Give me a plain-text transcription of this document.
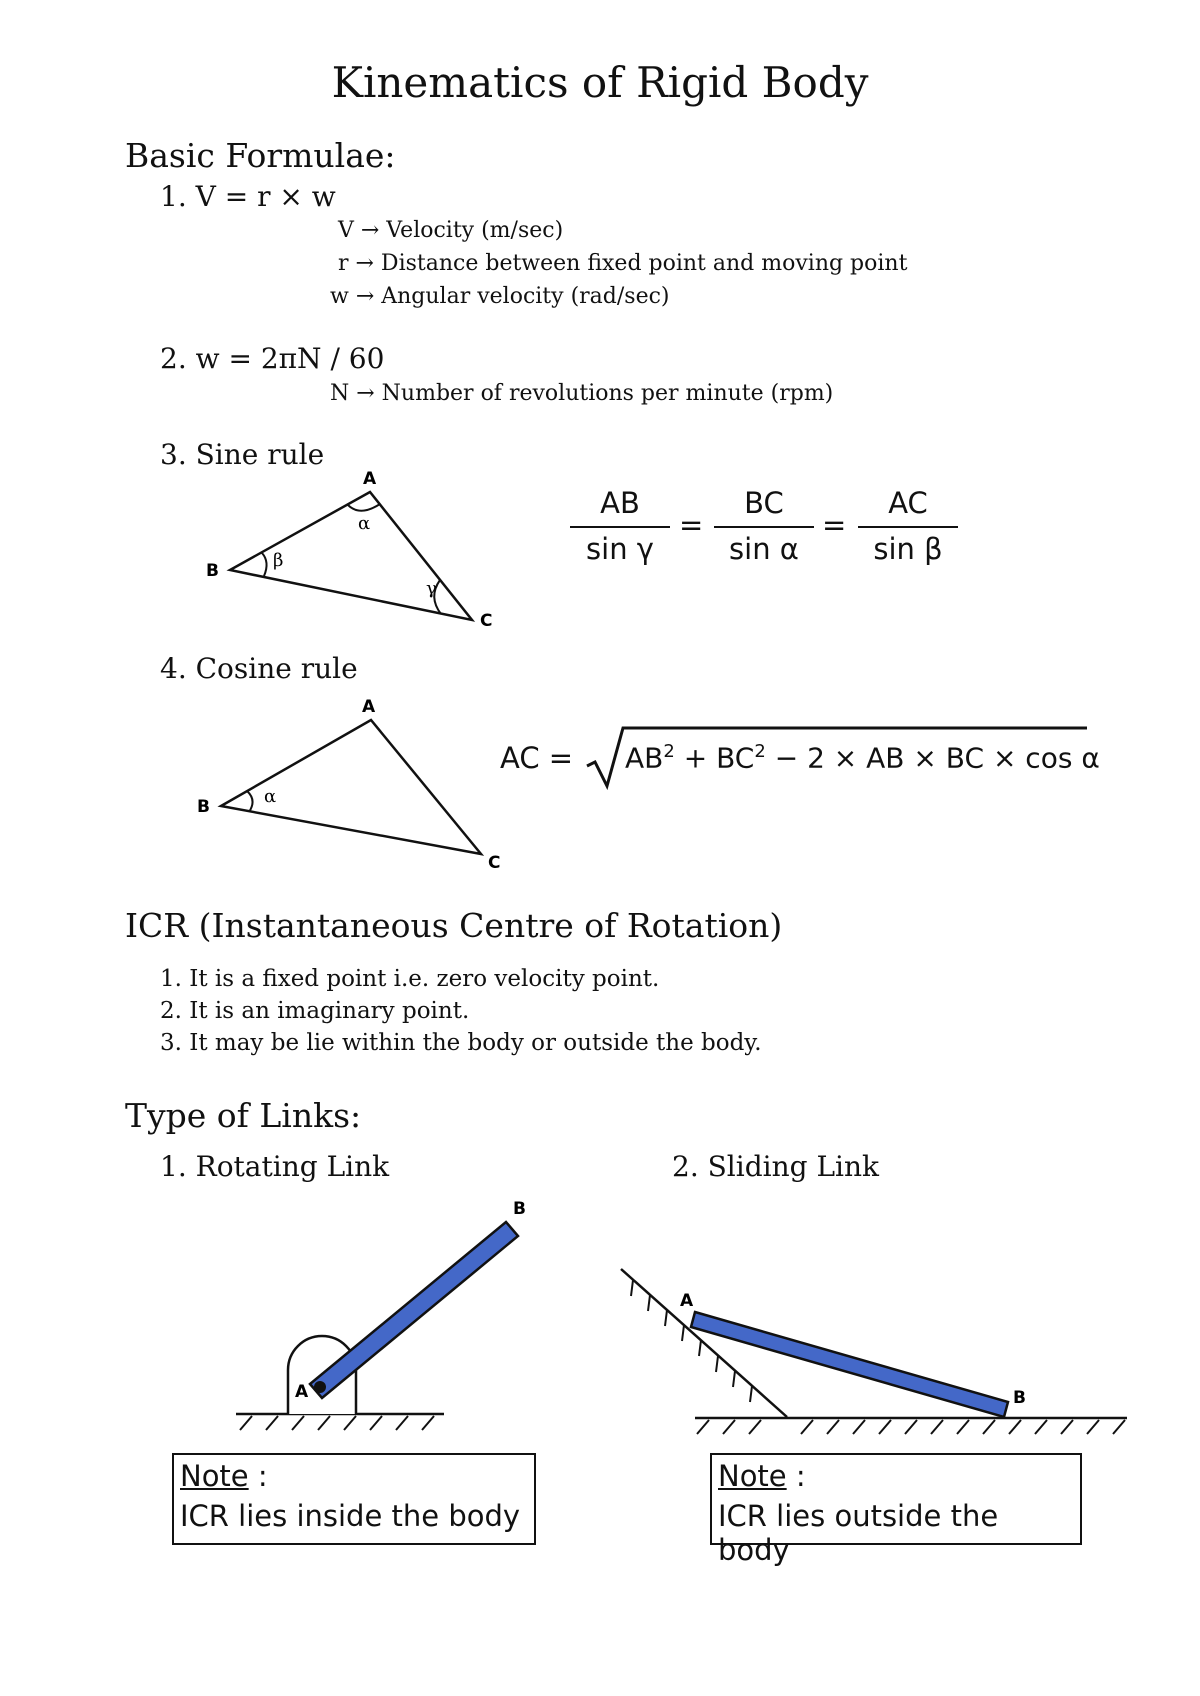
Kinematics of Rigid Body
Basic Formulae:
1. V = r × w
V → Velocity (m/sec)
r → Distance between fixed point and moving point
w → Angular velocity (rad/sec)
2. w = 2πN / 60
N → Number of revolutions per minute (rpm)
3. Sine rule
A
B
C
α
β
γ
AB
sin γ
=
BC
sin α
=
AC
sin β
4. Cosine rule
A
B
C
α
AC = $AB^2 + BC^2 - 2$ × AB × BC × cos α
ICR (Instantaneous Centre of Rotation)
1. It is a fixed point i.e. zero velocity point.
2. It is an imaginary point.
3. It may be lie within the body or outside the body.
Type of Links:
1. Rotating Link	2. Sliding Link
A
B
A
B
Note :
ICR lies inside the body
Note :
ICR lies outside the body
